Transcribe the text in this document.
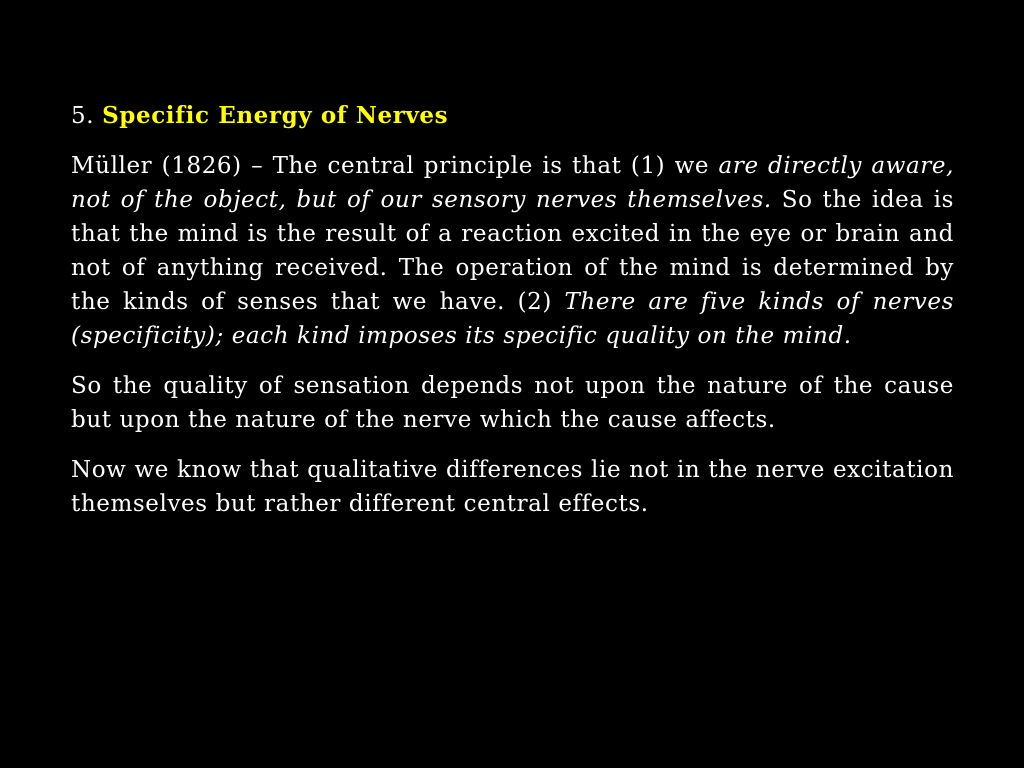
5. Specific Energy of Nerves

Müller (1826) – The central principle is that (1) we are directly aware, not of the object, but of our sensory nerves themselves. So the idea is that the mind is the result of a reaction excited in the eye or brain and not of anything received. The operation of the mind is determined by the kinds of senses that we have. (2) There are five kinds of nerves (specificity); each kind imposes its specific quality on the mind.

So the quality of sensation depends not upon the nature of the cause but upon the nature of the nerve which the cause affects.

Now we know that qualitative differences lie not in the nerve excitation themselves but rather different central effects.
